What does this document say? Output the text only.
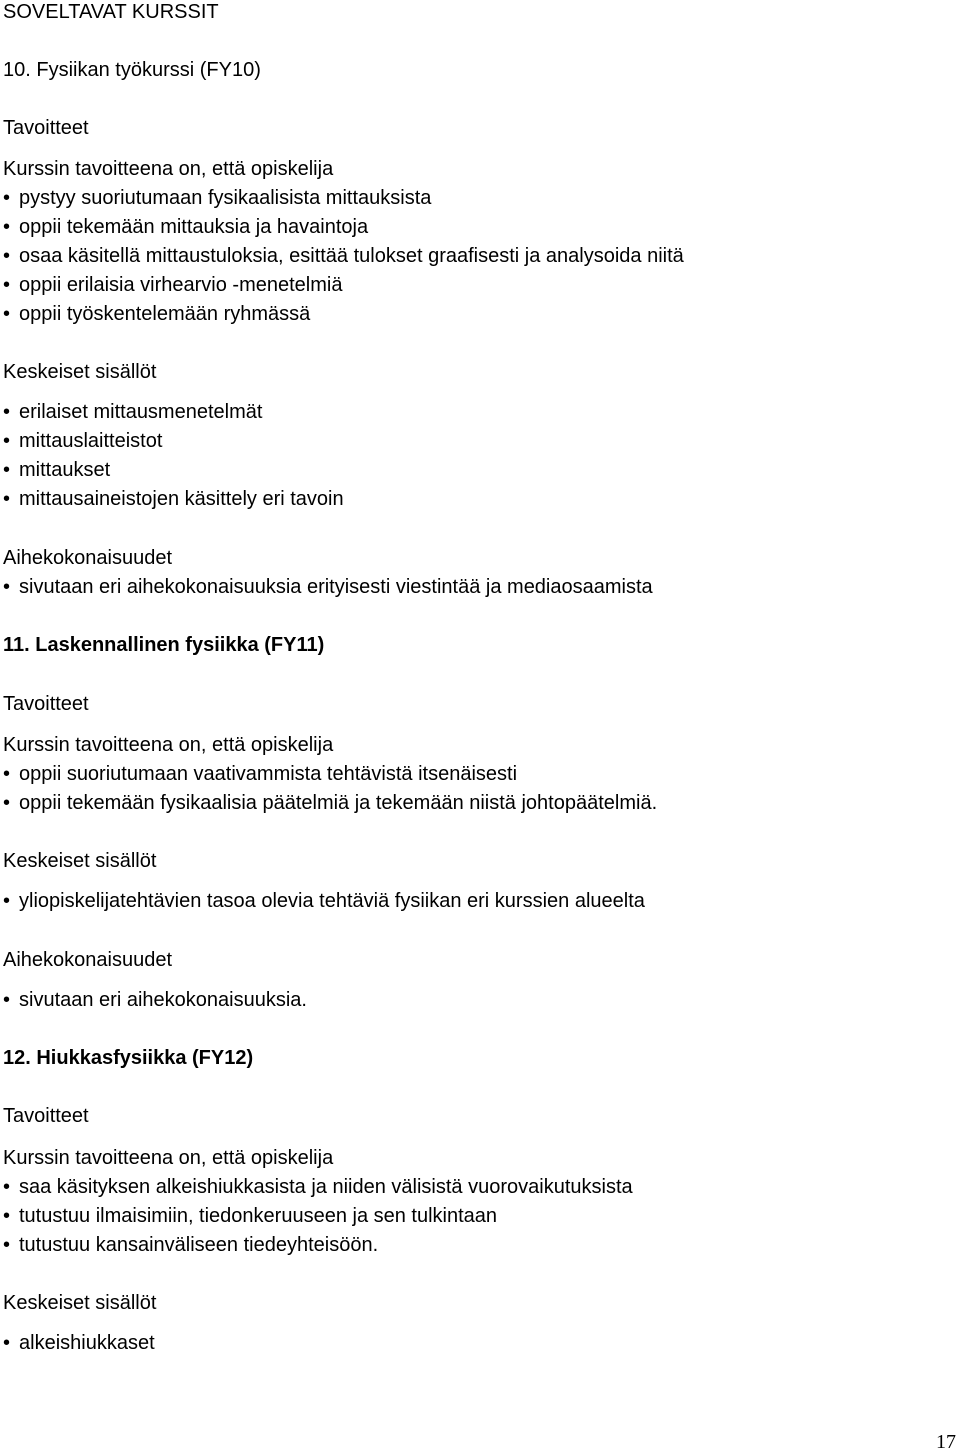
SOVELTAVAT KURSSIT
10. Fysiikan työkurssi (FY10)
Tavoitteet
Kurssin tavoitteena on, että opiskelija
• pystyy suoriutumaan fysikaalisista mittauksista
• oppii tekemään mittauksia ja havaintoja
• osaa käsitellä mittaustuloksia, esittää tulokset graafisesti ja analysoida niitä
• oppii erilaisia virhearvio -menetelmiä
• oppii työskentelemään ryhmässä
Keskeiset sisällöt
• erilaiset mittausmenetelmät
• mittauslaitteistot
• mittaukset
• mittausaineistojen käsittely eri tavoin
Aihekokonaisuudet
• sivutaan eri aihekokonaisuuksia erityisesti viestintää ja mediaosaamista
11. Laskennallinen fysiikka (FY11)
Tavoitteet
Kurssin tavoitteena on, että opiskelija
• oppii suoriutumaan vaativammista tehtävistä itsenäisesti
• oppii tekemään fysikaalisia päätelmiä ja tekemään niistä johtopäätelmiä.
Keskeiset sisällöt
• yliopiskelijatehtävien tasoa olevia tehtäviä fysiikan eri kurssien alueelta
Aihekokonaisuudet
• sivutaan eri aihekokonaisuuksia.
12. Hiukkasfysiikka (FY12)
Tavoitteet
Kurssin tavoitteena on, että opiskelija
• saa käsityksen alkeishiukkasista ja niiden välisistä vuorovaikutuksista
• tutustuu ilmaisimiin, tiedonkeruuseen ja sen tulkintaan
• tutustuu kansainväliseen tiedeyhteisöön.
Keskeiset sisällöt
• alkeishiukkaset
17
